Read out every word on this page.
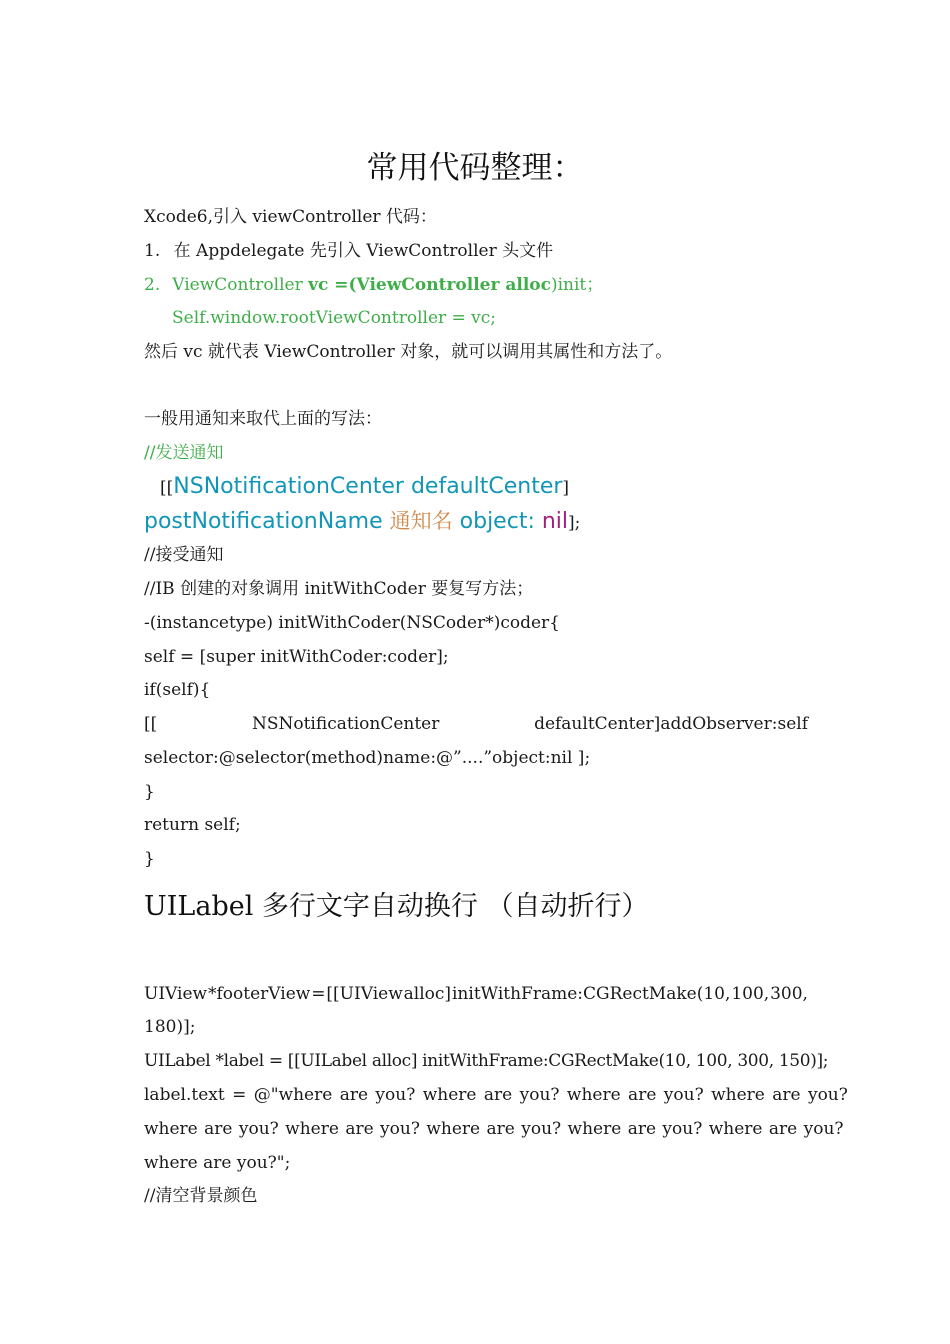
常用代码整理：
Xcode6,引入 viewController 代码：
1. 在 Appdelegate 先引入 ViewController 头文件
2. ViewController vc =(ViewController alloc)init；
Self.window.rootViewController = vc;
然后 vc 就代表 ViewController 对象，就可以调用其属性和方法了。
一般用通知来取代上面的写法：
//发送通知
[[NSNotificationCenter defaultCenter]
postNotificationName 通知名 object: nil];
//接受通知
//IB 创建的对象调用 initWithCoder 要复写方法；
-(instancetype) initWithCoder(NSCoder*)coder{
self = [super initWithCoder:coder];
if(self){
[[	NSNotificationCenter	defaultCenter]addObserver:self
selector:@selector(method)name:@”....”object:nil ];
}
return self;
}
UILabel 多行文字自动换行 （自动折行）
UIView *footerView = [[UIView alloc] initWithFrame:CGRectMake(10, 100, 300,
180)];
UILabel *label = [[UILabel alloc] initWithFrame:CGRectMake(10, 100, 300, 150)];
label.text = @"where are you? where are you? where are you? where are you?
where are you? where are you? where are you? where are you? where are you?
where are you?";
//清空背景颜色
